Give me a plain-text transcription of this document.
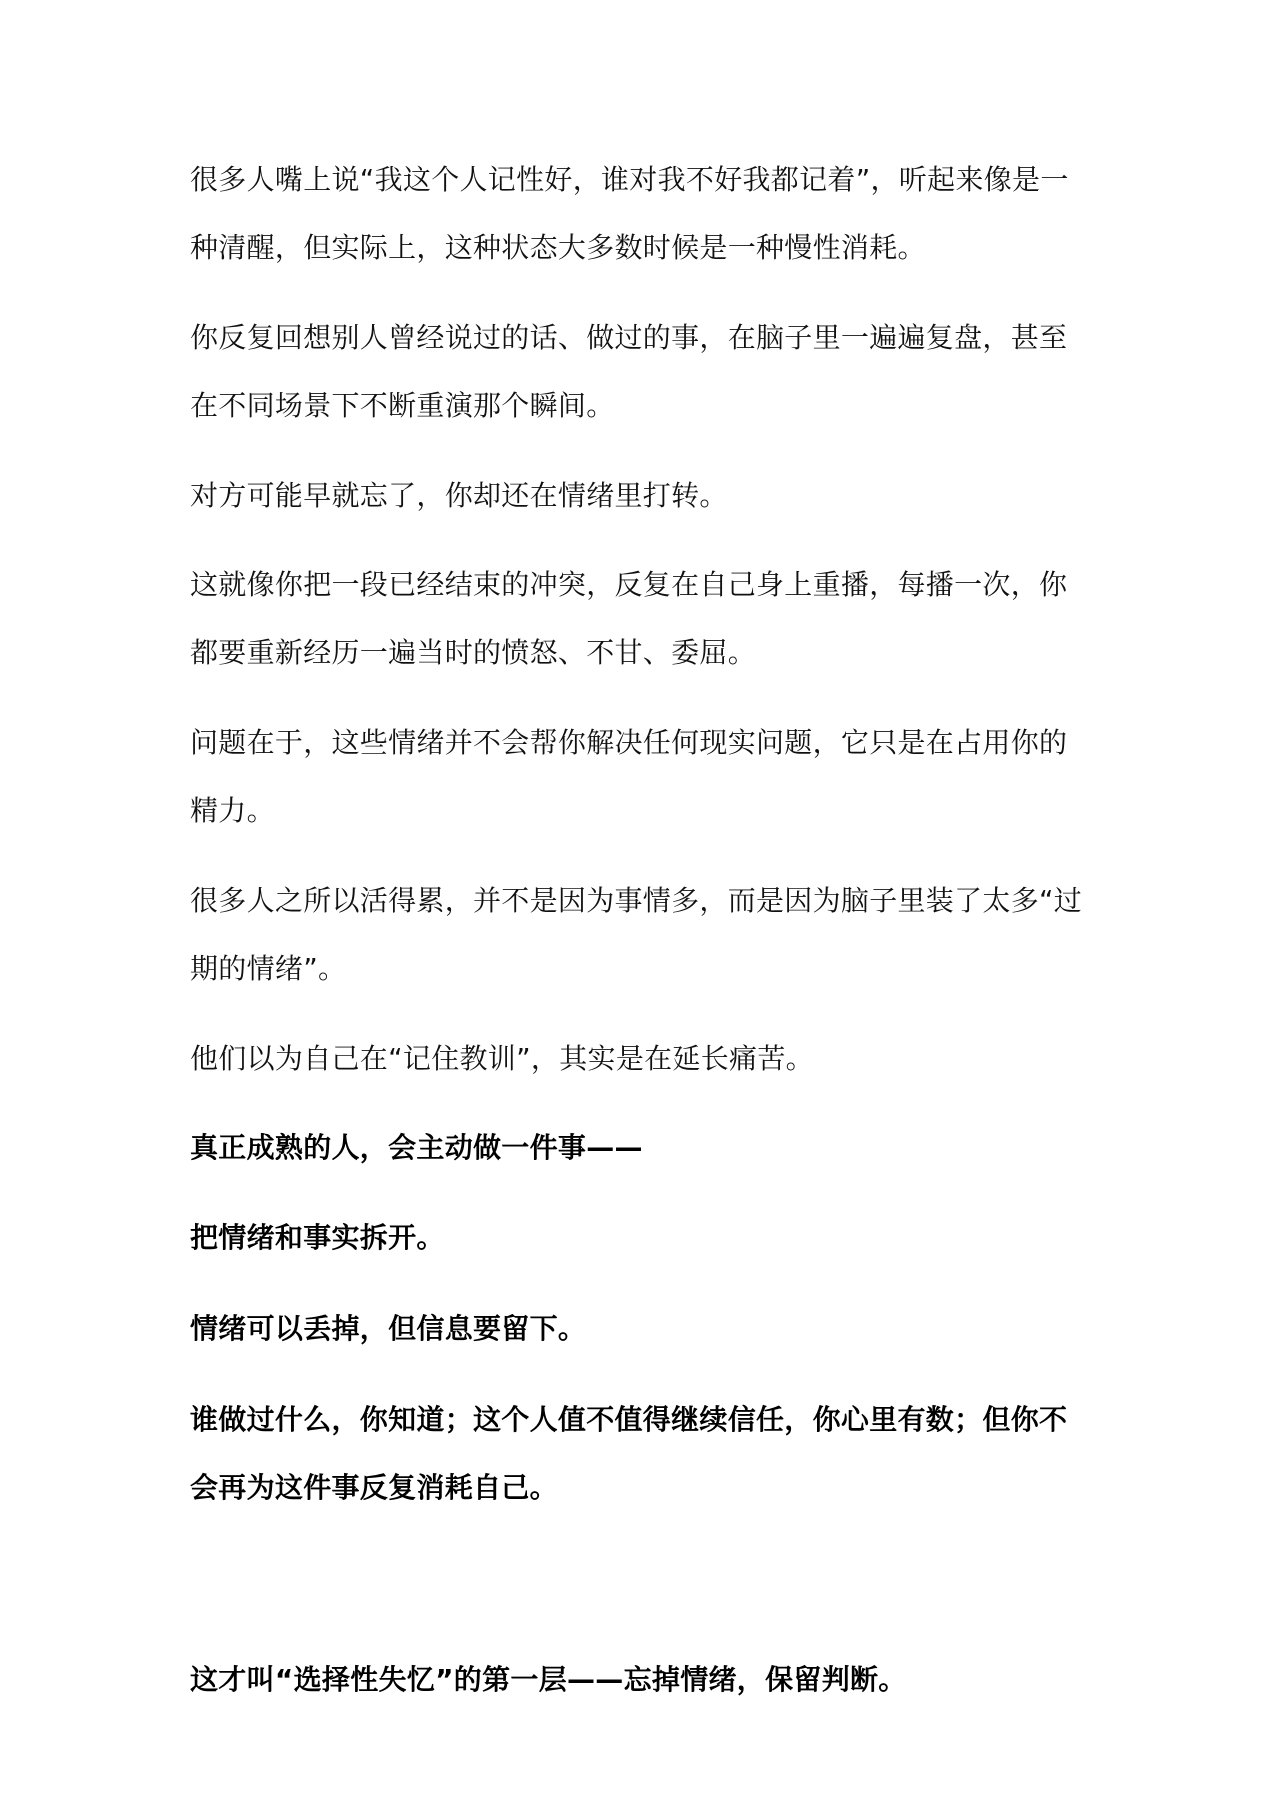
很多人嘴上说“我这个人记性好，谁对我不好我都记着”，听起来像是一种清醒，但实际上，这种状态大多数时候是一种慢性消耗。

你反复回想别人曾经说过的话、做过的事，在脑子里一遍遍复盘，甚至在不同场景下不断重演那个瞬间。

对方可能早就忘了，你却还在情绪里打转。

这就像你把一段已经结束的冲突，反复在自己身上重播，每播一次，你都要重新经历一遍当时的愤怒、不甘、委屈。

问题在于，这些情绪并不会帮你解决任何现实问题，它只是在占用你的精力。

很多人之所以活得累，并不是因为事情多，而是因为脑子里装了太多“过期的情绪”。

他们以为自己在“记住教训”，其实是在延长痛苦。

真正成熟的人，会主动做一件事——

把情绪和事实拆开。

情绪可以丢掉，但信息要留下。

谁做过什么，你知道；这个人值不值得继续信任，你心里有数；但你不会再为这件事反复消耗自己。

这才叫“选择性失忆”的第一层——忘掉情绪，保留判断。
